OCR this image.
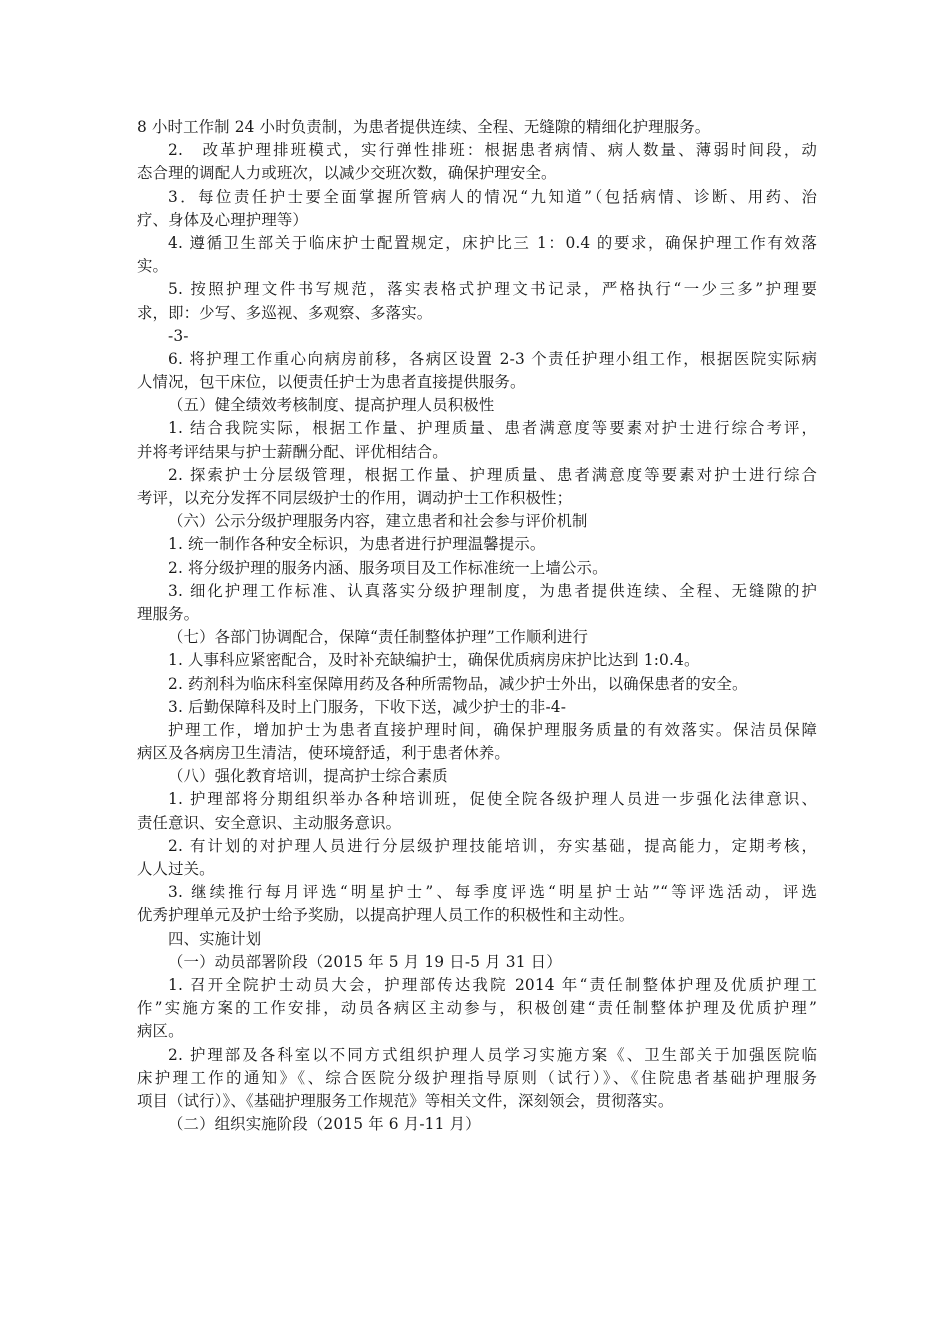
8 小时工作制 24 小时负责制，为患者提供连续、全程、无缝隙的精细化护理服务。
2.　改革护理排班模式，实行弹性排班：根据患者病情、病人数量、薄弱时间段，动
态合理的调配人力或班次，以减少交班次数，确保护理安全。
3．每位责任护士要全面掌握所管病人的情况“九知道”（包括病情、诊断、用药、治
疗、身体及心理护理等）
4. 遵循卫生部关于临床护士配置规定，床护比三 1：0.4 的要求，确保护理工作有效落
实。
5. 按照护理文件书写规范，落实表格式护理文书记录，严格执行“一少三多”护理要
求，即：少写、多巡视、多观察、多落实。
-3-
6. 将护理工作重心向病房前移，各病区设置 2-3 个责任护理小组工作，根据医院实际病
人情况，包干床位，以便责任护士为患者直接提供服务。
（五）健全绩效考核制度、提高护理人员积极性
1. 结合我院实际，根据工作量、护理质量、患者满意度等要素对护士进行综合考评，
并将考评结果与护士薪酬分配、评优相结合。
2. 探索护士分层级管理，根据工作量、护理质量、患者满意度等要素对护士进行综合
考评，以充分发挥不同层级护士的作用，调动护士工作积极性；
（六）公示分级护理服务内容，建立患者和社会参与评价机制
1. 统一制作各种安全标识，为患者进行护理温馨提示。
2. 将分级护理的服务内涵、服务项目及工作标准统一上墙公示。
3. 细化护理工作标准、认真落实分级护理制度，为患者提供连续、全程、无缝隙的护
理服务。
（七）各部门协调配合，保障“责任制整体护理”工作顺利进行
1. 人事科应紧密配合，及时补充缺编护士，确保优质病房床护比达到 1:0.4。
2. 药剂科为临床科室保障用药及各种所需物品，减少护士外出，以确保患者的安全。
3. 后勤保障科及时上门服务，下收下送，减少护士的非-4-
护理工作，增加护士为患者直接护理时间，确保护理服务质量的有效落实。保洁员保障
病区及各病房卫生清洁，使环境舒适，利于患者休养。
（八）强化教育培训，提高护士综合素质
1. 护理部将分期组织举办各种培训班，促使全院各级护理人员进一步强化法律意识、
责任意识、安全意识、主动服务意识。
2. 有计划的对护理人员进行分层级护理技能培训，夯实基础，提高能力，定期考核，
人人过关。
3. 继续推行每月评选“明星护士”、每季度评选“明星护士站”“等评选活动，评选
优秀护理单元及护士给予奖励，以提高护理人员工作的积极性和主动性。
四、实施计划
（一）动员部署阶段（2015 年 5 月 19 日-5 月 31 日）
1. 召开全院护士动员大会，护理部传达我院 2014 年“责任制整体护理及优质护理工
作”实施方案的工作安排，动员各病区主动参与，积极创建“责任制整体护理及优质护理”
病区。
2. 护理部及各科室以不同方式组织护理人员学习实施方案《、卫生部关于加强医院临
床护理工作的通知》《、综合医院分级护理指导原则（试行）》、《住院患者基础护理服务
项目（试行）》、《基础护理服务工作规范》等相关文件，深刻领会，贯彻落实。
（二）组织实施阶段（2015 年 6 月-11 月）
